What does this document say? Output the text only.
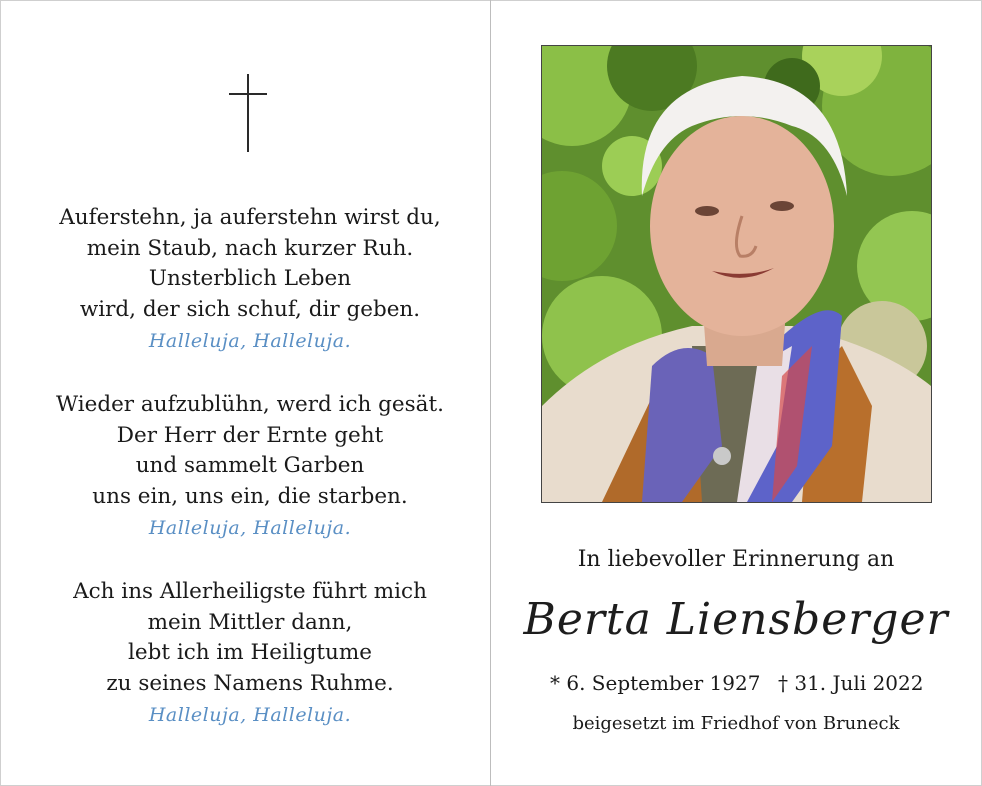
Auferstehn, ja auferstehn wirst du,
mein Staub, nach kurzer Ruh.
Unsterblich Leben
wird, der sich schuf, dir geben.
Halleluja, Halleluja.
Wieder aufzublühn, werd ich gesät.
Der Herr der Ernte geht
und sammelt Garben
uns ein, uns ein, die starben.
Halleluja, Halleluja.
Ach ins Allerheiligste führt mich
mein Mittler dann,
lebt ich im Heiligtume
zu seines Namens Ruhme.
Halleluja, Halleluja.
In liebevoller Erinnerung an
Berta Liensberger
* 6. September 1927 † 31. Juli 2022
beigesetzt im Friedhof von Bruneck
